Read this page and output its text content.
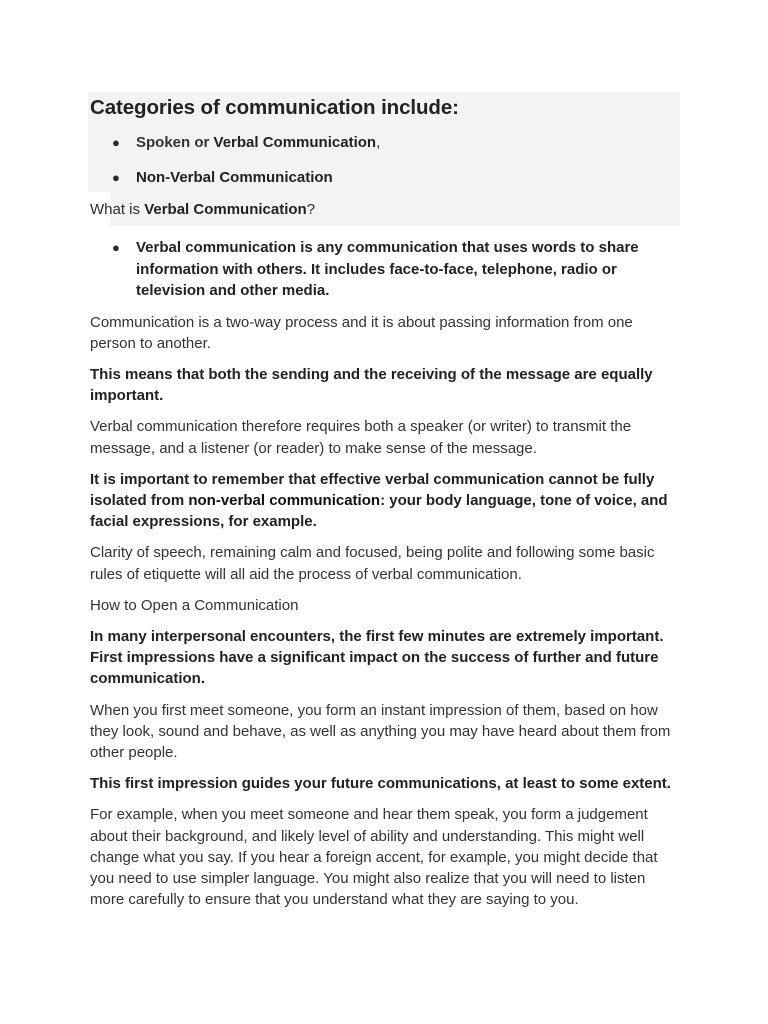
Categories of communication include:
● Spoken or Verbal Communication,
● Non-Verbal Communication
What is Verbal Communication?
● Verbal communication is any communication that uses words to share information with others. It includes face-to-face, telephone, radio or television and other media.

Communication is a two-way process and it is about passing information from one person to another.

This means that both the sending and the receiving of the message are equally important.

Verbal communication therefore requires both a speaker (or writer) to transmit the message, and a listener (or reader) to make sense of the message.

It is important to remember that effective verbal communication cannot be fully isolated from non-verbal communication: your body language, tone of voice, and facial expressions, for example.

Clarity of speech, remaining calm and focused, being polite and following some basic rules of etiquette will all aid the process of verbal communication.

How to Open a Communication

In many interpersonal encounters, the first few minutes are extremely important. First impressions have a significant impact on the success of further and future communication.

When you first meet someone, you form an instant impression of them, based on how they look, sound and behave, as well as anything you may have heard about them from other people.

This first impression guides your future communications, at least to some extent.

For example, when you meet someone and hear them speak, you form a judgement about their background, and likely level of ability and understanding. This might well change what you say. If you hear a foreign accent, for example, you might decide that you need to use simpler language. You might also realize that you will need to listen more carefully to ensure that you understand what they are saying to you.
